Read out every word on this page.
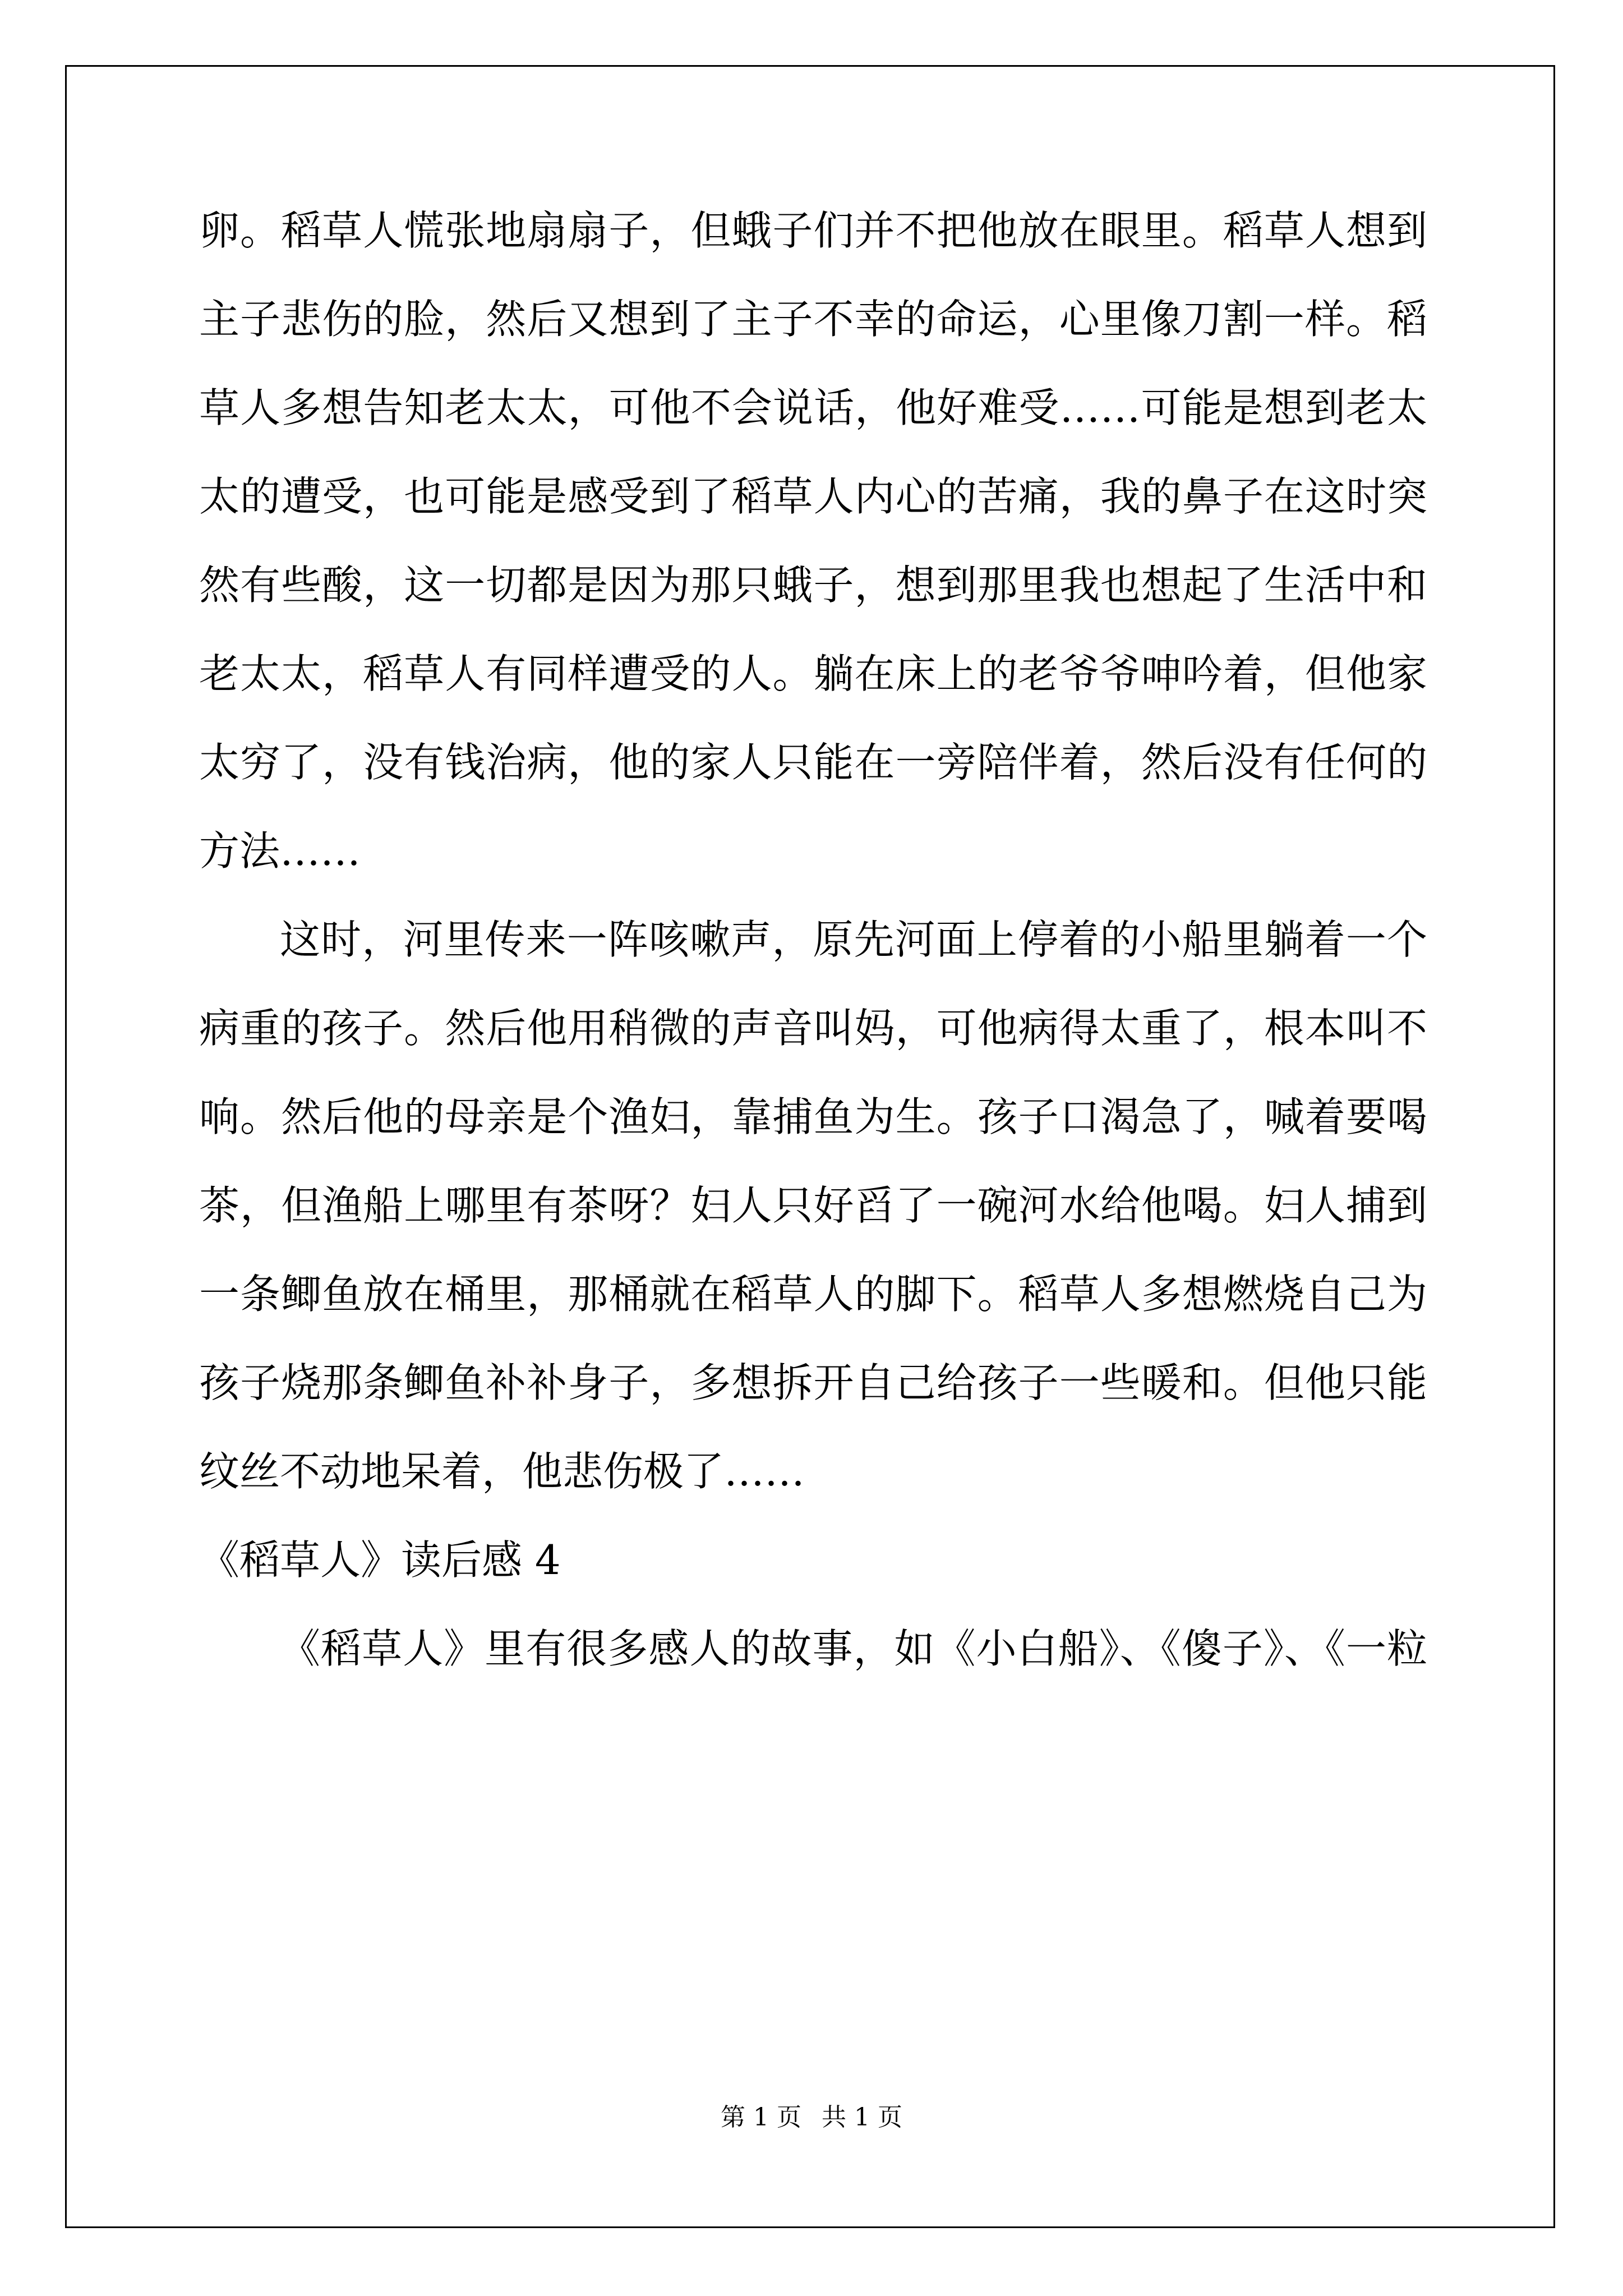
卵。稻草人慌张地扇扇子，但蛾子们并不把他放在眼里。稻草人想到
主子悲伤的脸，然后又想到了主子不幸的命运，心里像刀割一样。稻
草人多想告知老太太，可他不会说话，他好难受……可能是想到老太
太的遭受，也可能是感受到了稻草人内心的苦痛，我的鼻子在这时突
然有些酸，这一切都是因为那只蛾子，想到那里我也想起了生活中和
老太太，稻草人有同样遭受的人。躺在床上的老爷爷呻吟着，但他家
太穷了，没有钱治病，他的家人只能在一旁陪伴着，然后没有任何的
方法……
这时，河里传来一阵咳嗽声，原先河面上停着的小船里躺着一个
病重的孩子。然后他用稍微的声音叫妈，可他病得太重了，根本叫不
响。然后他的母亲是个渔妇，靠捕鱼为生。孩子口渴急了，喊着要喝
茶，但渔船上哪里有茶呀？妇人只好舀了一碗河水给他喝。妇人捕到
一条鲫鱼放在桶里，那桶就在稻草人的脚下。稻草人多想燃烧自己为
孩子烧那条鲫鱼补补身子，多想拆开自己给孩子一些暖和。但他只能
纹丝不动地呆着，他悲伤极了……
《稻草人》读后感 4
《稻草人》里有很多感人的故事，如《小白船》、《傻子》、《一粒
第 1 页 共 1 页
